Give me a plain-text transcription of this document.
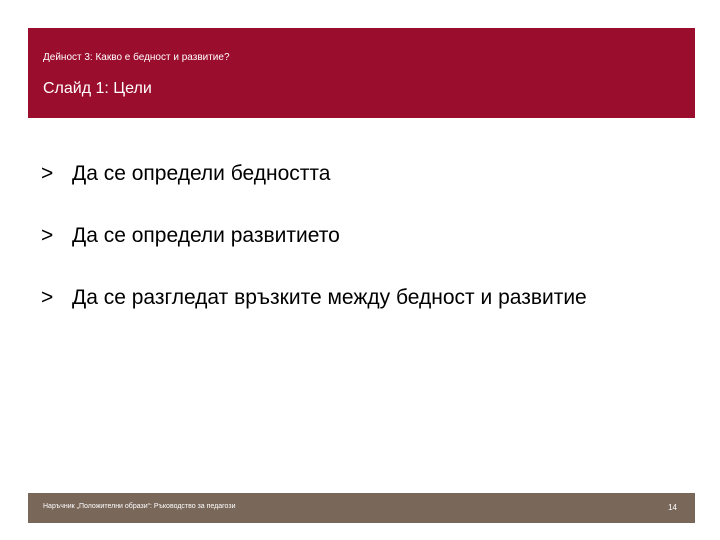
Дейност 3: Какво е бедност и развитие?
Слайд 1: Цели
> Да се определи бедността
> Да се определи развитието
> Да се разгледат връзките между бедност и развитие
Наръчник „Положителни образи“: Ръководство за педагози	14
